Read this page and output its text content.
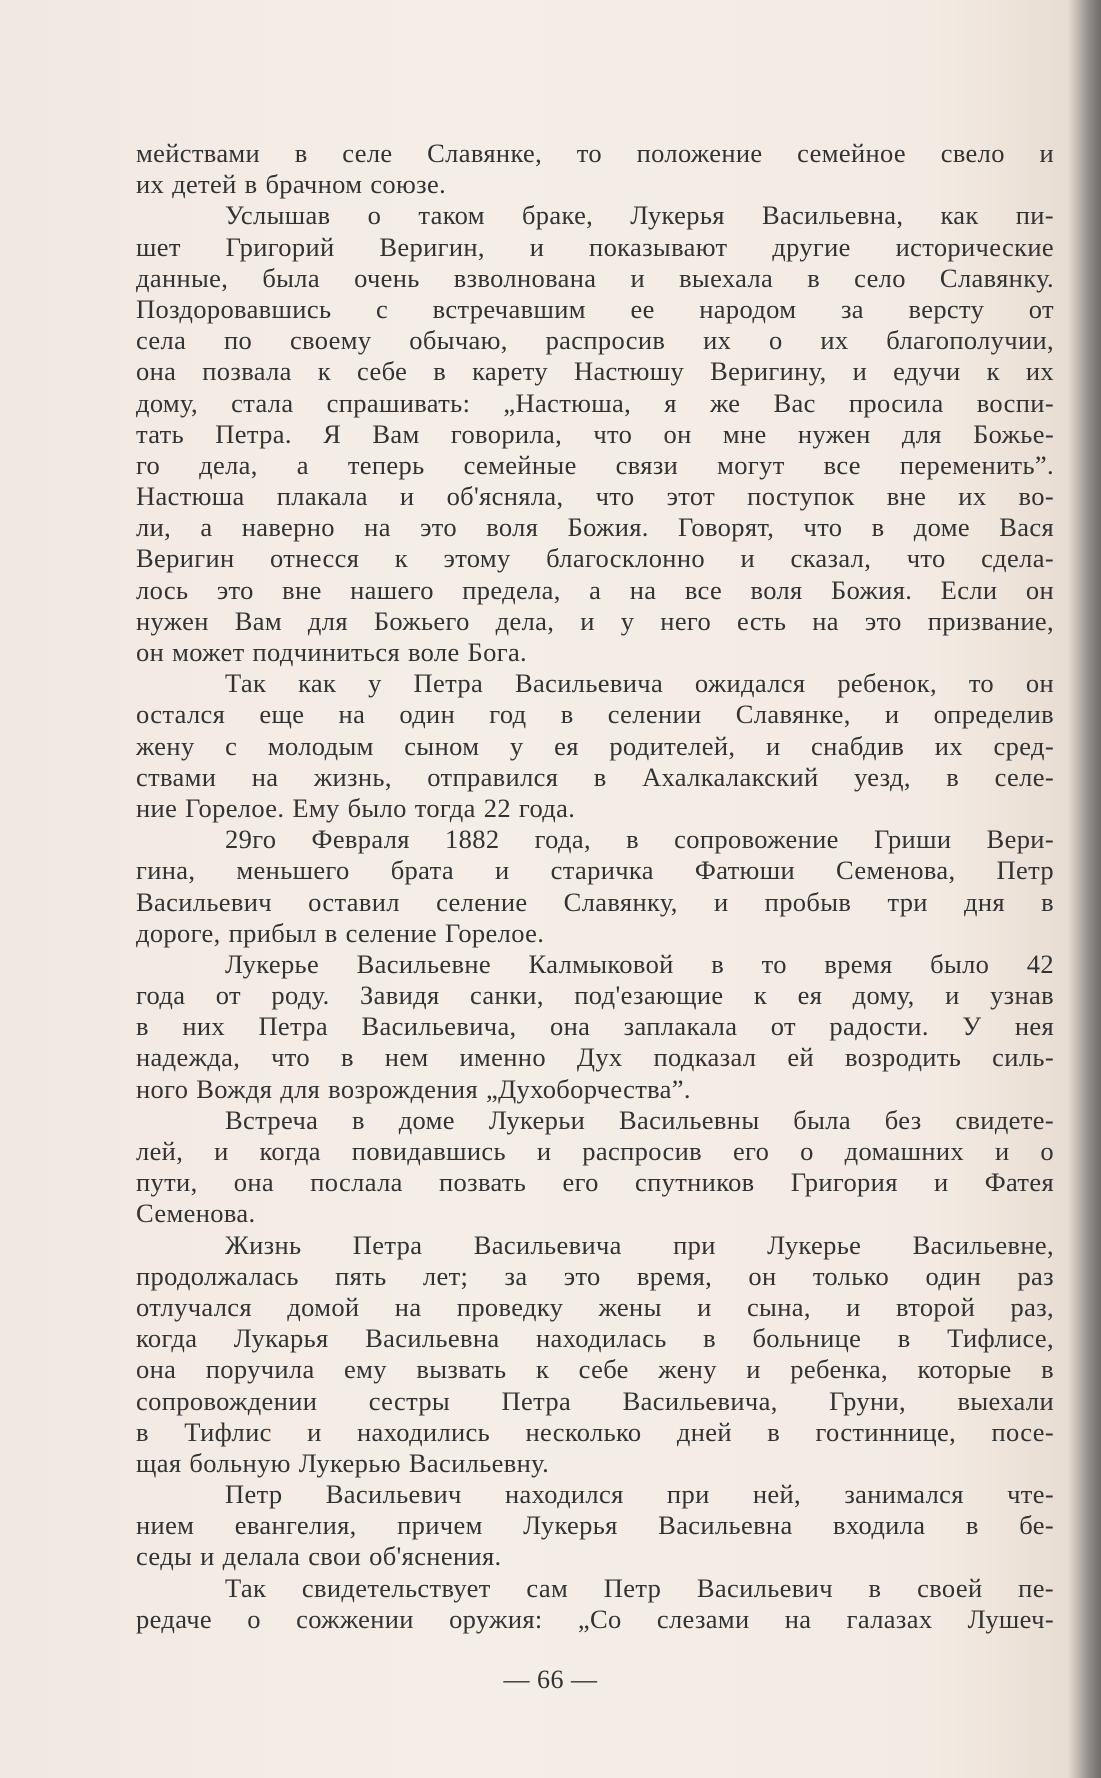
мействами в селе Славянке, то положение семейное свело и
их детей в брачном союзе.
Услышав о таком браке, Лукерья Васильевна, как пи-
шет Григорий Веригин, и показывают другие исторические
данные, была очень взволнована и выехала в село Славянку.
Поздоровавшись с встречавшим ее народом за версту от
села по своему обычаю, распросив их о их благополучии,
она позвала к себе в карету Настюшу Веригину, и едучи к их
дому, стала спрашивать: „Настюша, я же Вас просила воспи-
тать Петра. Я Вам говорила, что он мне нужен для Божье-
го дела, а теперь семейные связи могут все переменить”.
Настюша плакала и об'ясняла, что этот поступок вне их во-
ли, а наверно на это воля Божия. Говорят, что в доме Вася
Веригин отнесся к этому благосклонно и сказал, что сдела-
лось это вне нашего предела, а на все воля Божия. Если он
нужен Вам для Божьего дела, и у него есть на это призвание,
он может подчиниться воле Бога.
Так как у Петра Васильевича ожидался ребенок, то он
остался еще на один год в селении Славянке, и определив
жену с молодым сыном у ея родителей, и снабдив их сред-
ствами на жизнь, отправился в Ахалкалакский уезд, в селе-
ние Горелое. Ему было тогда 22 года.
29го Февраля 1882 года, в сопровожение Гриши Вери-
гина, меньшего брата и старичка Фатюши Семенова, Петр
Васильевич оставил селение Славянку, и пробыв три дня в
дороге, прибыл в селение Горелое.
Лукерье Васильевне Калмыковой в то время было 42
года от роду. Завидя санки, под'езающие к ея дому, и узнав
в них Петра Васильевича, она заплакала от радости. У нея
надежда, что в нем именно Дух подказал ей возродить силь-
ного Вождя для возрождения „Духоборчества”.
Встреча в доме Лукерьи Васильевны была без свидете-
лей, и когда повидавшись и распросив его о домашних и о
пути, она послала позвать его спутников Григория и Фатея
Семенова.
Жизнь Петра Васильевича при Лукерье Васильевне,
продолжалась пять лет; за это время, он только один раз
отлучался домой на проведку жены и сына, и второй раз,
когда Лукарья Васильевна находилась в больнице в Тифлисе,
она поручила ему вызвать к себе жену и ребенка, которые в
сопровождении сестры Петра Васильевича, Груни, выехали
в Тифлис и находились несколько дней в гостиннице, посе-
щая больную Лукерью Васильевну.
Петр Васильевич находился при ней, занимался чте-
нием евангелия, причем Лукерья Васильевна входила в бе-
седы и делала свои об'яснения.
Так свидетельствует сам Петр Васильевич в своей пе-
редаче о сожжении оружия: „Со слезами на галазах Лушеч-
— 66 —
